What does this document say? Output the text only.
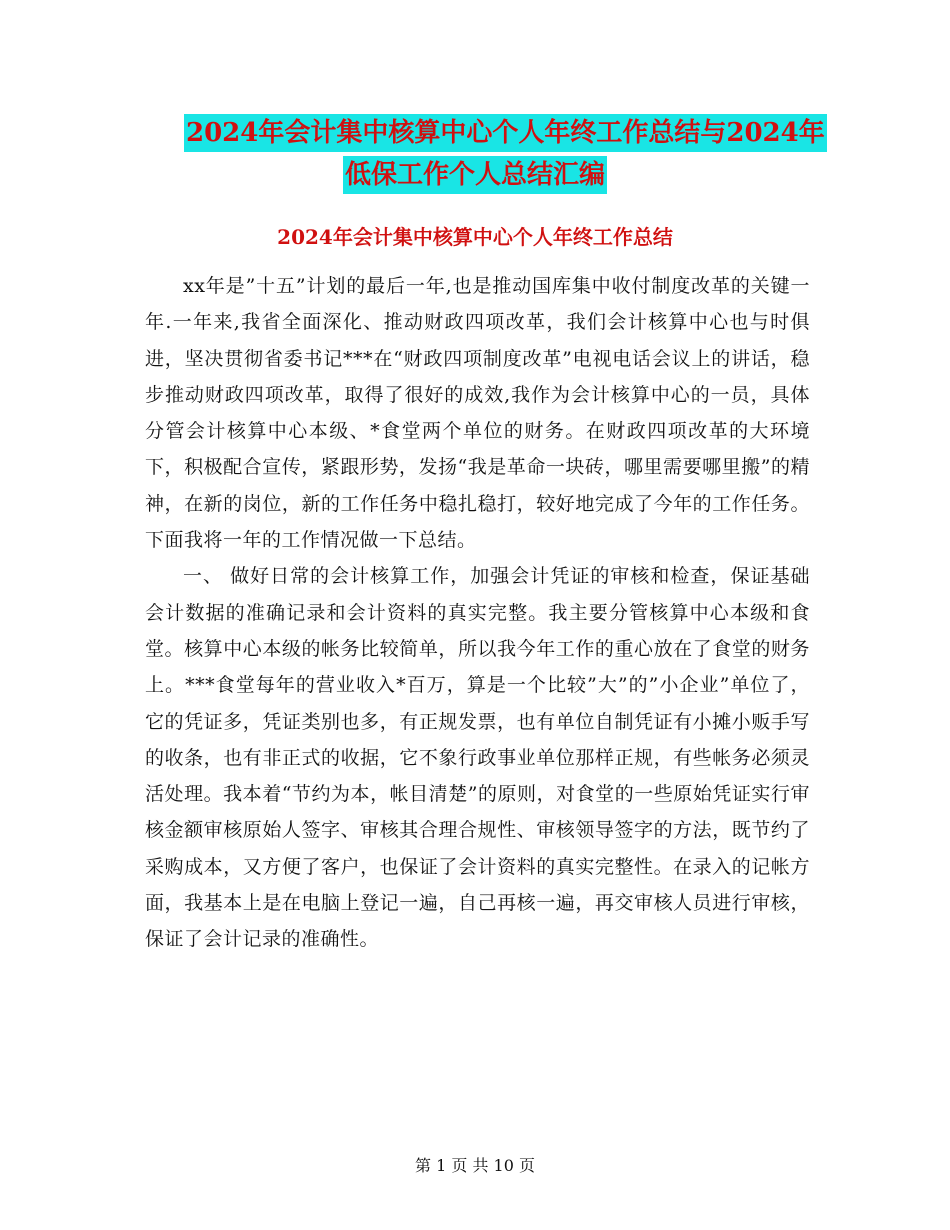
2024年会计集中核算中心个人年终工作总结与2024年
低保工作个人总结汇编
2024年会计集中核算中心个人年终工作总结

xx年是”十五”计划的最后一年,也是推动国库集中收付制度改革的关键一年.一年来,我省全面深化、推动财政四项改革，我们会计核算中心也与时俱进，坚决贯彻省委书记***在“财政四项制度改革”电视电话会议上的讲话，稳步推动财政四项改革，取得了很好的成效,我作为会计核算中心的一员，具体分管会计核算中心本级、*食堂两个单位的财务。在财政四项改革的大环境下，积极配合宣传，紧跟形势，发扬“我是革命一块砖，哪里需要哪里搬”的精神，在新的岗位，新的工作任务中稳扎稳打，较好地完成了今年的工作任务。下面我将一年的工作情况做一下总结。

一、 做好日常的会计核算工作，加强会计凭证的审核和检查，保证基础会计数据的准确记录和会计资料的真实完整。我主要分管核算中心本级和食堂。核算中心本级的帐务比较简单，所以我今年工作的重心放在了食堂的财务上。***食堂每年的营业收入*百万，算是一个比较”大”的”小企业”单位了，它的凭证多，凭证类别也多，有正规发票，也有单位自制凭证有小摊小贩手写的收条，也有非正式的收据，它不象行政事业单位那样正规，有些帐务必须灵活处理。我本着“节约为本，帐目清楚”的原则，对食堂的一些原始凭证实行审核金额审核原始人签字、审核其合理合规性、审核领导签字的方法，既节约了采购成本，又方便了客户，也保证了会计资料的真实完整性。在录入的记帐方面，我基本上是在电脑上登记一遍，自己再核一遍，再交审核人员进行审核，保证了会计记录的准确性。

第 1 页 共 10 页
